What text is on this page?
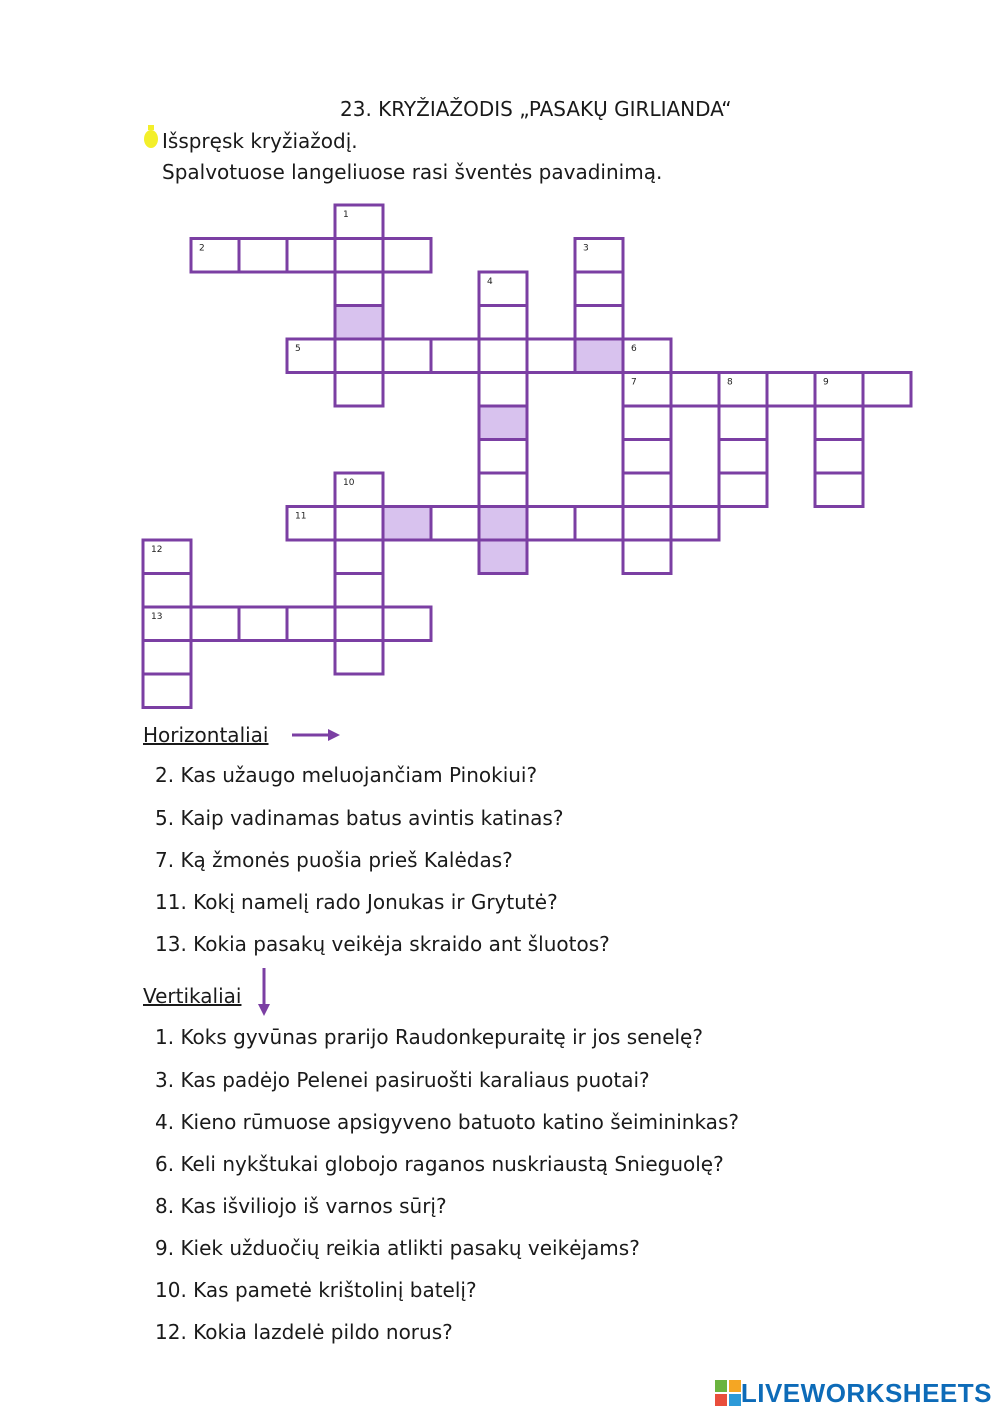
23. KRYŽIAŽODIS „PASAKŲ GIRLIANDA“
Išspręsk kryžiažodį.
Spalvotuose langeliuose rasi šventės pavadinimą.
1
2	3
4
5	6
7	8	9
10
11
12
13
Horizontaliai
2. Kas užaugo meluojančiam Pinokiui?
5. Kaip vadinamas batus avintis katinas?
7. Ką žmonės puošia prieš Kalėdas?
11. Kokį namelį rado Jonukas ir Grytutė?
13. Kokia pasakų veikėja skraido ant šluotos?
Vertikaliai
1. Koks gyvūnas prarijo Raudonkepuraitę ir jos senelę?
3. Kas padėjo Pelenei pasiruošti karaliaus puotai?
4. Kieno rūmuose apsigyveno batuoto katino šeimininkas?
6. Keli nykštukai globojo raganos nuskriaustą Snieguolę?
8. Kas išviliojo iš varnos sūrį?
9. Kiek užduočių reikia atlikti pasakų veikėjams?
10. Kas pametė krištolinį batelį?
12. Kokia lazdelė pildo norus?
LIVEWORKSHEETS
